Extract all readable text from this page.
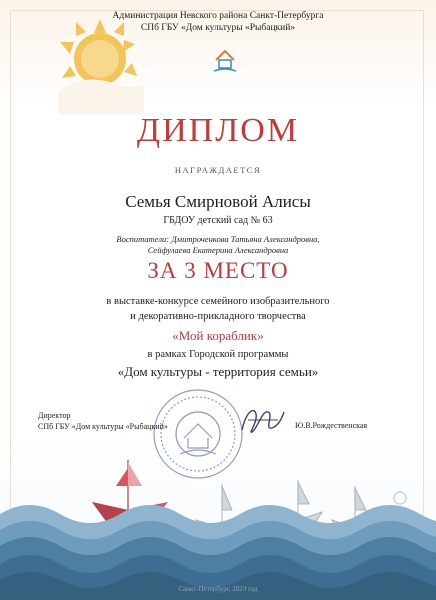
Администрация Невского района Санкт-Петербурга
СПб ГБУ «Дом культуры «Рыбацкий»
ДИПЛОМ
НАГРАЖДАЕТСЯ
Семья Смирновой Алисы
ГБДОУ детский сад № 63
Воспитатели: Дмитроченкова Татьяна Александровна,
Сейфулаева Екатерина Александровна
ЗА 3 МЕСТО
в выставке-конкурсе семейного изобразительного
и декоративно-прикладного творчества
«Мой кораблик»
в рамках Городской программы
«Дом культуры - территория семьи»
Директор
СПб ГБУ «Дом культуры «Рыбацкий»	Ю.В.Рождественская
Санкт-Петербург, 2023 год
